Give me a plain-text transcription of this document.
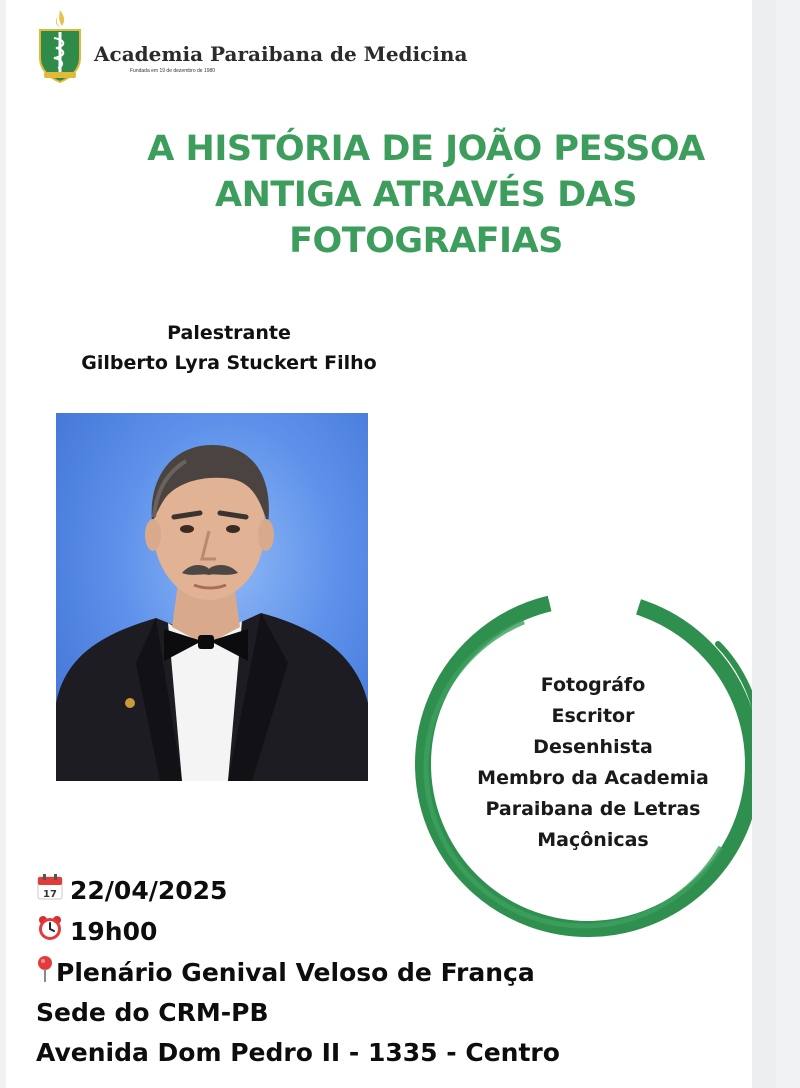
Academia Paraibana de Medicina
Fundada em 19 de dezembro de 1980
A HISTÓRIA DE JOÃO PESSOA
ANTIGA ATRAVÉS DAS
FOTOGRAFIAS
Palestrante
Gilberto Lyra Stuckert Filho
Fotográfo
Escritor
Desenhista
Membro da Academia
Paraibana de Letras
Maçônicas
17 22/04/2025
19h00
Plenário Genival Veloso de França
Sede do CRM-PB
Avenida Dom Pedro II - 1335 - Centro
